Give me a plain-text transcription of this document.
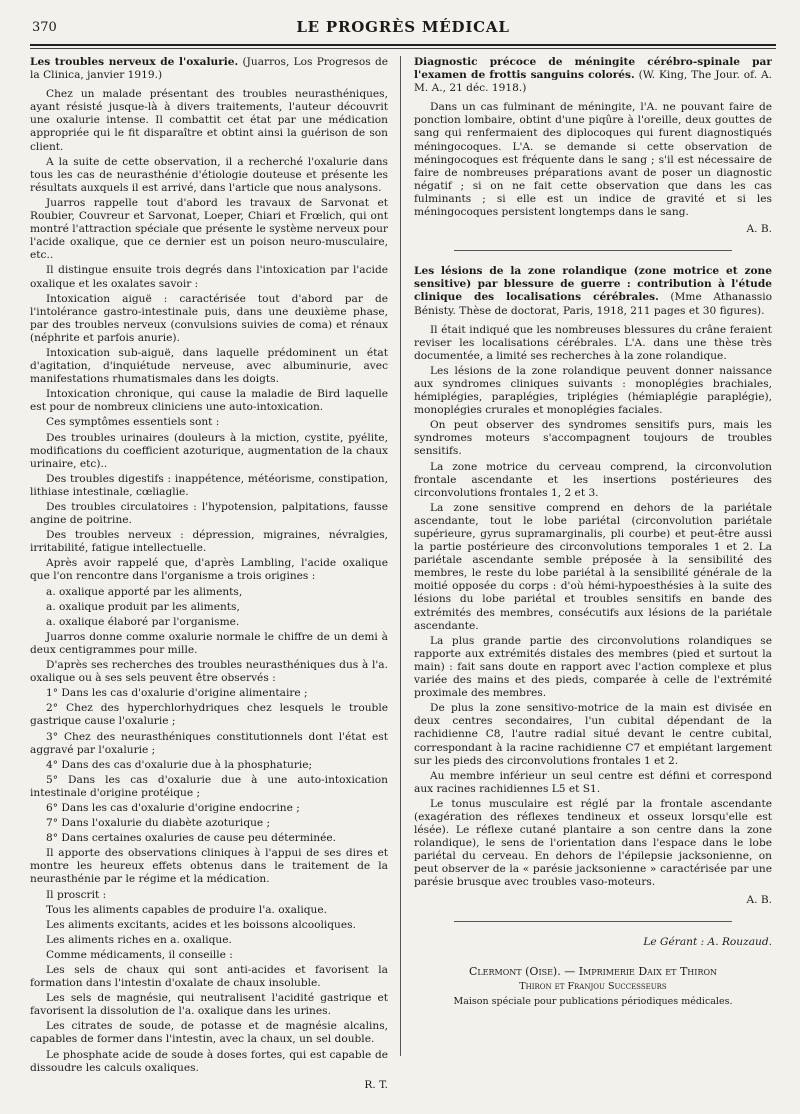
370	LE PROGRÈS MÉDICAL

Les troubles nerveux de l'oxalurie. (Juarros, Los Progresos de la Clinica, janvier 1919.)

Chez un malade présentant des troubles neurasthéniques, ayant résisté jusque-là à divers traitements, l'auteur découvrit une oxalurie intense. Il combattit cet état par une médication appropriée qui le fit disparaître et obtint ainsi la guérison de son client.

A la suite de cette observation, il a recherché l'oxalurie dans tous les cas de neurasthénie d'étiologie douteuse et présente les résultats auxquels il est arrivé, dans l'article que nous analysons.

Juarros rappelle tout d'abord les travaux de Sarvonat et Roubier, Couvreur et Sarvonat, Loeper, Chiari et Frœlich, qui ont montré l'attraction spéciale que présente le système nerveux pour l'acide oxalique, que ce dernier est un poison neuro-musculaire, etc..

Il distingue ensuite trois degrés dans l'intoxication par l'acide oxalique et les oxalates savoir :

Intoxication aiguë : caractérisée tout d'abord par de l'intolérance gastro-intestinale puis, dans une deuxième phase, par des troubles nerveux (convulsions suivies de coma) et rénaux (néphrite et parfois anurie).

Intoxication sub-aiguë, dans laquelle prédominent un état d'agitation, d'inquiétude nerveuse, avec albuminurie, avec manifestations rhumatismales dans les doigts.

Intoxication chronique, qui cause la maladie de Bird laquelle est pour de nombreux cliniciens une auto-intoxication.

Ces symptômes essentiels sont :

Des troubles urinaires (douleurs à la miction, cystite, pyélite, modifications du coefficient azoturique, augmentation de la chaux urinaire, etc)..

Des troubles digestifs : inappétence, météorisme, constipation, lithiase intestinale, cœliaglie.

Des troubles circulatoires : l'hypotension, palpitations, fausse angine de poitrine.

Des troubles nerveux : dépression, migraines, névralgies, irritabilité, fatigue intellectuelle.

Après avoir rappelé que, d'après Lambling, l'acide oxalique que l'on rencontre dans l'organisme a trois origines :

a. oxalique apporté par les aliments,

a. oxalique produit par les aliments,

a. oxalique élaboré par l'organisme.

Juarros donne comme oxalurie normale le chiffre de un demi à deux centigrammes pour mille.

D'après ses recherches des troubles neurasthéniques dus à l'a. oxalique ou à ses sels peuvent être observés :

1° Dans les cas d'oxalurie d'origine alimentaire ;

2° Chez des hyperchlorhydriques chez lesquels le trouble gastrique cause l'oxalurie ;

3° Chez des neurasthéniques constitutionnels dont l'état est aggravé par l'oxalurie ;

4° Dans des cas d'oxalurie due à la phosphaturie;

5° Dans les cas d'oxalurie due à une auto-intoxication intestinale d'origine protéique ;

6° Dans les cas d'oxalurie d'origine endocrine ;

7° Dans l'oxalurie du diabète azoturique ;

8° Dans certaines oxaluries de cause peu déterminée.

Il apporte des observations cliniques à l'appui de ses dires et montre les heureux effets obtenus dans le traitement de la neurasthénie par le régime et la médication.

Il proscrit :

Tous les aliments capables de produire l'a. oxalique.

Les aliments excitants, acides et les boissons alcooliques.

Les aliments riches en a. oxalique.

Comme médicaments, il conseille :

Les sels de chaux qui sont anti-acides et favorisent la formation dans l'intestin d'oxalate de chaux insoluble.

Les sels de magnésie, qui neutralisent l'acidité gastrique et favorisent la dissolution de l'a. oxalique dans les urines.

Les citrates de soude, de potasse et de magnésie alcalins, capables de former dans l'intestin, avec la chaux, un sel double.

Le phosphate acide de soude à doses fortes, qui est capable de dissoudre les calculs oxaliques.

R. T.

Diagnostic précoce de méningite cérébro-spinale par l'examen de frottis sanguins colorés. (W. King, The Jour. of. A. M. A., 21 déc. 1918.)

Dans un cas fulminant de méningite, l'A. ne pouvant faire de ponction lombaire, obtint d'une piqûre à l'oreille, deux gouttes de sang qui renfermaient des diplocoques qui furent diagnostiqués méningocoques. L'A. se demande si cette observation de méningocoques est fréquente dans le sang ; s'il est nécessaire de faire de nombreuses préparations avant de poser un diagnostic négatif ; si on ne fait cette observation que dans les cas fulminants ; si elle est un indice de gravité et si les méningocoques persistent longtemps dans le sang.

A. B.

Les lésions de la zone rolandique (zone motrice et zone sensitive) par blessure de guerre : contribution à l'étude clinique des localisations cérébrales. (Mme Athanassio Bénisty. Thèse de doctorat, Paris, 1918, 211 pages et 30 figures).

Il était indiqué que les nombreuses blessures du crâne feraient reviser les localisations cérébrales. L'A. dans une thèse très documentée, a limité ses recherches à la zone rolandique.

Les lésions de la zone rolandique peuvent donner naissance aux syndromes cliniques suivants : monoplégies brachiales, hémiplégies, paraplégies, triplégies (hémiaplégie paraplégie), monoplégies crurales et monoplégies faciales.

On peut observer des syndromes sensitifs purs, mais les syndromes moteurs s'accompagnent toujours de troubles sensitifs.

La zone motrice du cerveau comprend, la circonvolution frontale ascendante et les insertions postérieures des circonvolutions frontales 1, 2 et 3.

La zone sensitive comprend en dehors de la pariétale ascendante, tout le lobe pariétal (circonvolution pariétale supérieure, gyrus supramarginalis, pli courbe) et peut-être aussi la partie postérieure des circonvolutions temporales 1 et 2. La pariétale ascendante semble préposée à la sensibilité des membres, le reste du lobe pariétal à la sensibilité générale de la moitié opposée du corps : d'où hémi-hypoesthésies à la suite des lésions du lobe pariétal et troubles sensitifs en bande des extrémités des membres, consécutifs aux lésions de la pariétale ascendante.

La plus grande partie des circonvolutions rolandiques se rapporte aux extrémités distales des membres (pied et surtout la main) : fait sans doute en rapport avec l'action complexe et plus variée des mains et des pieds, comparée à celle de l'extrémité proximale des membres.

De plus la zone sensitivo-motrice de la main est divisée en deux centres secondaires, l'un cubital dépendant de la rachidienne C8, l'autre radial situé devant le centre cubital, correspondant à la racine rachidienne C7 et empiétant largement sur les pieds des circonvolutions frontales 1 et 2.

Au membre inférieur un seul centre est défini et correspond aux racines rachidiennes L5 et S1.

Le tonus musculaire est réglé par la frontale ascendante (exagération des réflexes tendineux et osseux lorsqu'elle est lésée). Le réflexe cutané plantaire a son centre dans la zone rolandique), le sens de l'orientation dans l'espace dans le lobe pariétal du cerveau. En dehors de l'épilepsie jacksonienne, on peut observer de la « parésie jacksonienne » caractérisée par une parésie brusque avec troubles vaso-moteurs.

A. B.

Le Gérant : A. Rouzaud.

Clermont (Oise). — Imprimerie Daix et Thiron

Thiron et Franjou Successeurs

Maison spéciale pour publications périodiques médicales.
